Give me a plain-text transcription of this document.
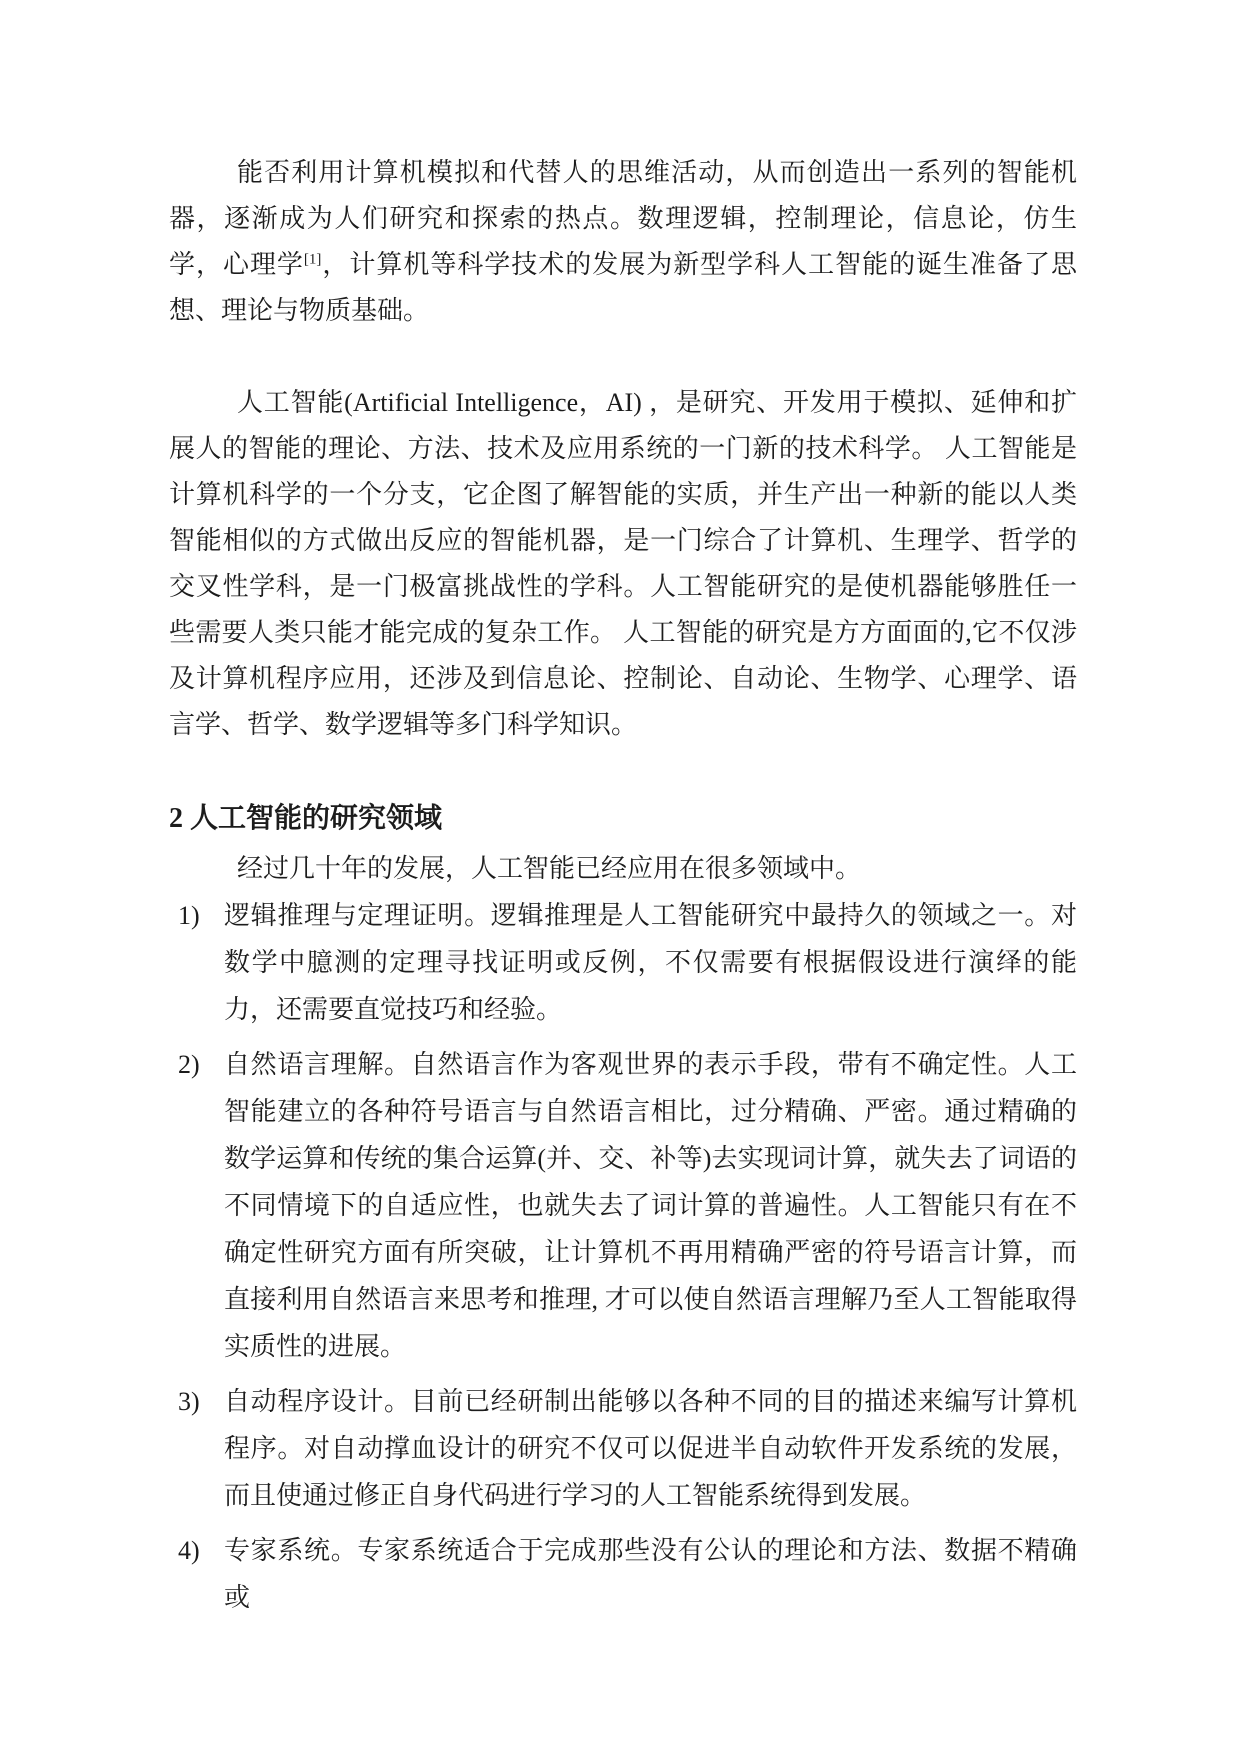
能否利用计算机模拟和代替人的思维活动，从而创造出一系列的智能机器，逐渐成为人们研究和探索的热点。数理逻辑，控制理论，信息论，仿生学，心理学[1]，计算机等科学技术的发展为新型学科人工智能的诞生准备了思想、理论与物质基础。

人工智能(Artificial Intelligence，AI) ，是研究、开发用于模拟、延伸和扩展人的智能的理论、方法、技术及应用系统的一门新的技术科学。 人工智能是计算机科学的一个分支，它企图了解智能的实质，并生产出一种新的能以人类智能相似的方式做出反应的智能机器，是一门综合了计算机、生理学、哲学的交叉性学科，是一门极富挑战性的学科。人工智能研究的是使机器能够胜任一些需要人类只能才能完成的复杂工作。 人工智能的研究是方方面面的,它不仅涉及计算机程序应用，还涉及到信息论、控制论、自动论、生物学、心理学、语言学、哲学、数学逻辑等多门科学知识。

2 人工智能的研究领域

经过几十年的发展，人工智能已经应用在很多领域中。

1) 逻辑推理与定理证明。逻辑推理是人工智能研究中最持久的领域之一。对数学中臆测的定理寻找证明或反例，不仅需要有根据假设进行演绎的能力，还需要直觉技巧和经验。
2) 自然语言理解。自然语言作为客观世界的表示手段，带有不确定性。人工智能建立的各种符号语言与自然语言相比，过分精确、严密。通过精确的数学运算和传统的集合运算(并、交、补等)去实现词计算，就失去了词语的不同情境下的自适应性，也就失去了词计算的普遍性。人工智能只有在不确定性研究方面有所突破，让计算机不再用精确严密的符号语言计算，而直接利用自然语言来思考和推理, 才可以使自然语言理解乃至人工智能取得实质性的进展。
3) 自动程序设计。目前已经研制出能够以各种不同的目的描述来编写计算机程序。对自动撑血设计的研究不仅可以促进半自动软件开发系统的发展，而且使通过修正自身代码进行学习的人工智能系统得到发展。
4) 专家系统。专家系统适合于完成那些没有公认的理论和方法、数据不精确或
